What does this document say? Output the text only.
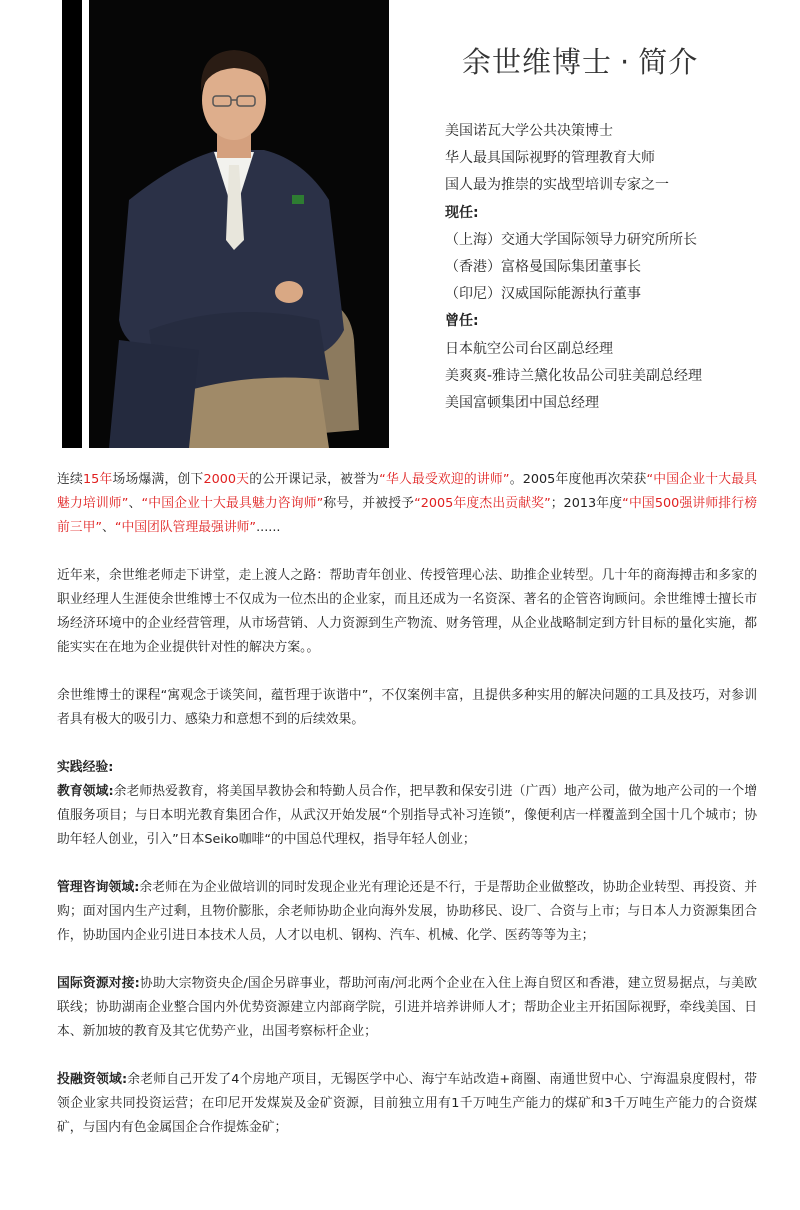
余世维博士 · 简介
美国诺瓦大学公共决策博士
华人最具国际视野的管理教育大师
国人最为推崇的实战型培训专家之一
现任:
（上海）交通大学国际领导力研究所所长
（香港）富格曼国际集团董事长
（印尼）汉威国际能源执行董事
曾任:
日本航空公司台区副总经理
美爽爽-雅诗兰黛化妆品公司驻美副总经理
美国富顿集团中国总经理

连续15年场场爆满，创下2000天的公开课记录，被誉为“华人最受欢迎的讲师”。2005年度他再次荣获“中国企业十大最具魅力培训师”、“中国企业十大最具魅力咨询师”称号，并被授予“2005年度杰出贡献奖”；2013年度“中国500强讲师排行榜前三甲”、“中国团队管理最强讲师”......

近年来，余世维老师走下讲堂，走上渡人之路：帮助青年创业、传授管理心法、助推企业转型。几十年的商海搏击和多家的职业经理人生涯使余世维博士不仅成为一位杰出的企业家，而且还成为一名资深、著名的企管咨询顾问。余世维博士擅长市场经济环境中的企业经营管理，从市场营销、人力资源到生产物流、财务管理，从企业战略制定到方针目标的量化实施，都能实实在在地为企业提供针对性的解决方案。。

余世维博士的课程“寓观念于谈笑间，蕴哲理于诙谐中”，不仅案例丰富，且提供多种实用的解决问题的工具及技巧，对参训者具有极大的吸引力、感染力和意想不到的后续效果。

实践经验:

教育领域:余老师热爱教育，将美国早教协会和特勤人员合作，把早教和保安引进（广西）地产公司，做为地产公司的一个增值服务项目；与日本明光教育集团合作，从武汉开始发展“个别指导式补习连锁”，像便利店一样覆盖到全国十几个城市；协助年轻人创业，引入”日本Seiko咖啡“的中国总代理权，指导年轻人创业；

管理咨询领域:余老师在为企业做培训的同时发现企业光有理论还是不行，于是帮助企业做整改，协助企业转型、再投资、并购；面对国内生产过剩，且物价膨胀，余老师协助企业向海外发展，协助移民、设厂、合资与上市；与日本人力资源集团合作，协助国内企业引进日本技术人员，人才以电机、钢构、汽车、机械、化学、医药等等为主；

国际资源对接:协助大宗物资央企/国企另辟事业，帮助河南/河北两个企业在入住上海自贸区和香港，建立贸易据点，与美欧联线；协助湖南企业整合国内外优势资源建立内部商学院，引进并培养讲师人才；帮助企业主开拓国际视野，牵线美国、日本、新加坡的教育及其它优势产业，出国考察标杆企业；

投融资领域:余老师自己开发了4个房地产项目，无锡医学中心、海宁车站改造+商圈、南通世贸中心、宁海温泉度假村，带领企业家共同投资运营；在印尼开发煤炭及金矿资源，目前独立用有1千万吨生产能力的煤矿和3千万吨生产能力的合资煤矿，与国内有色金属国企合作提炼金矿；
